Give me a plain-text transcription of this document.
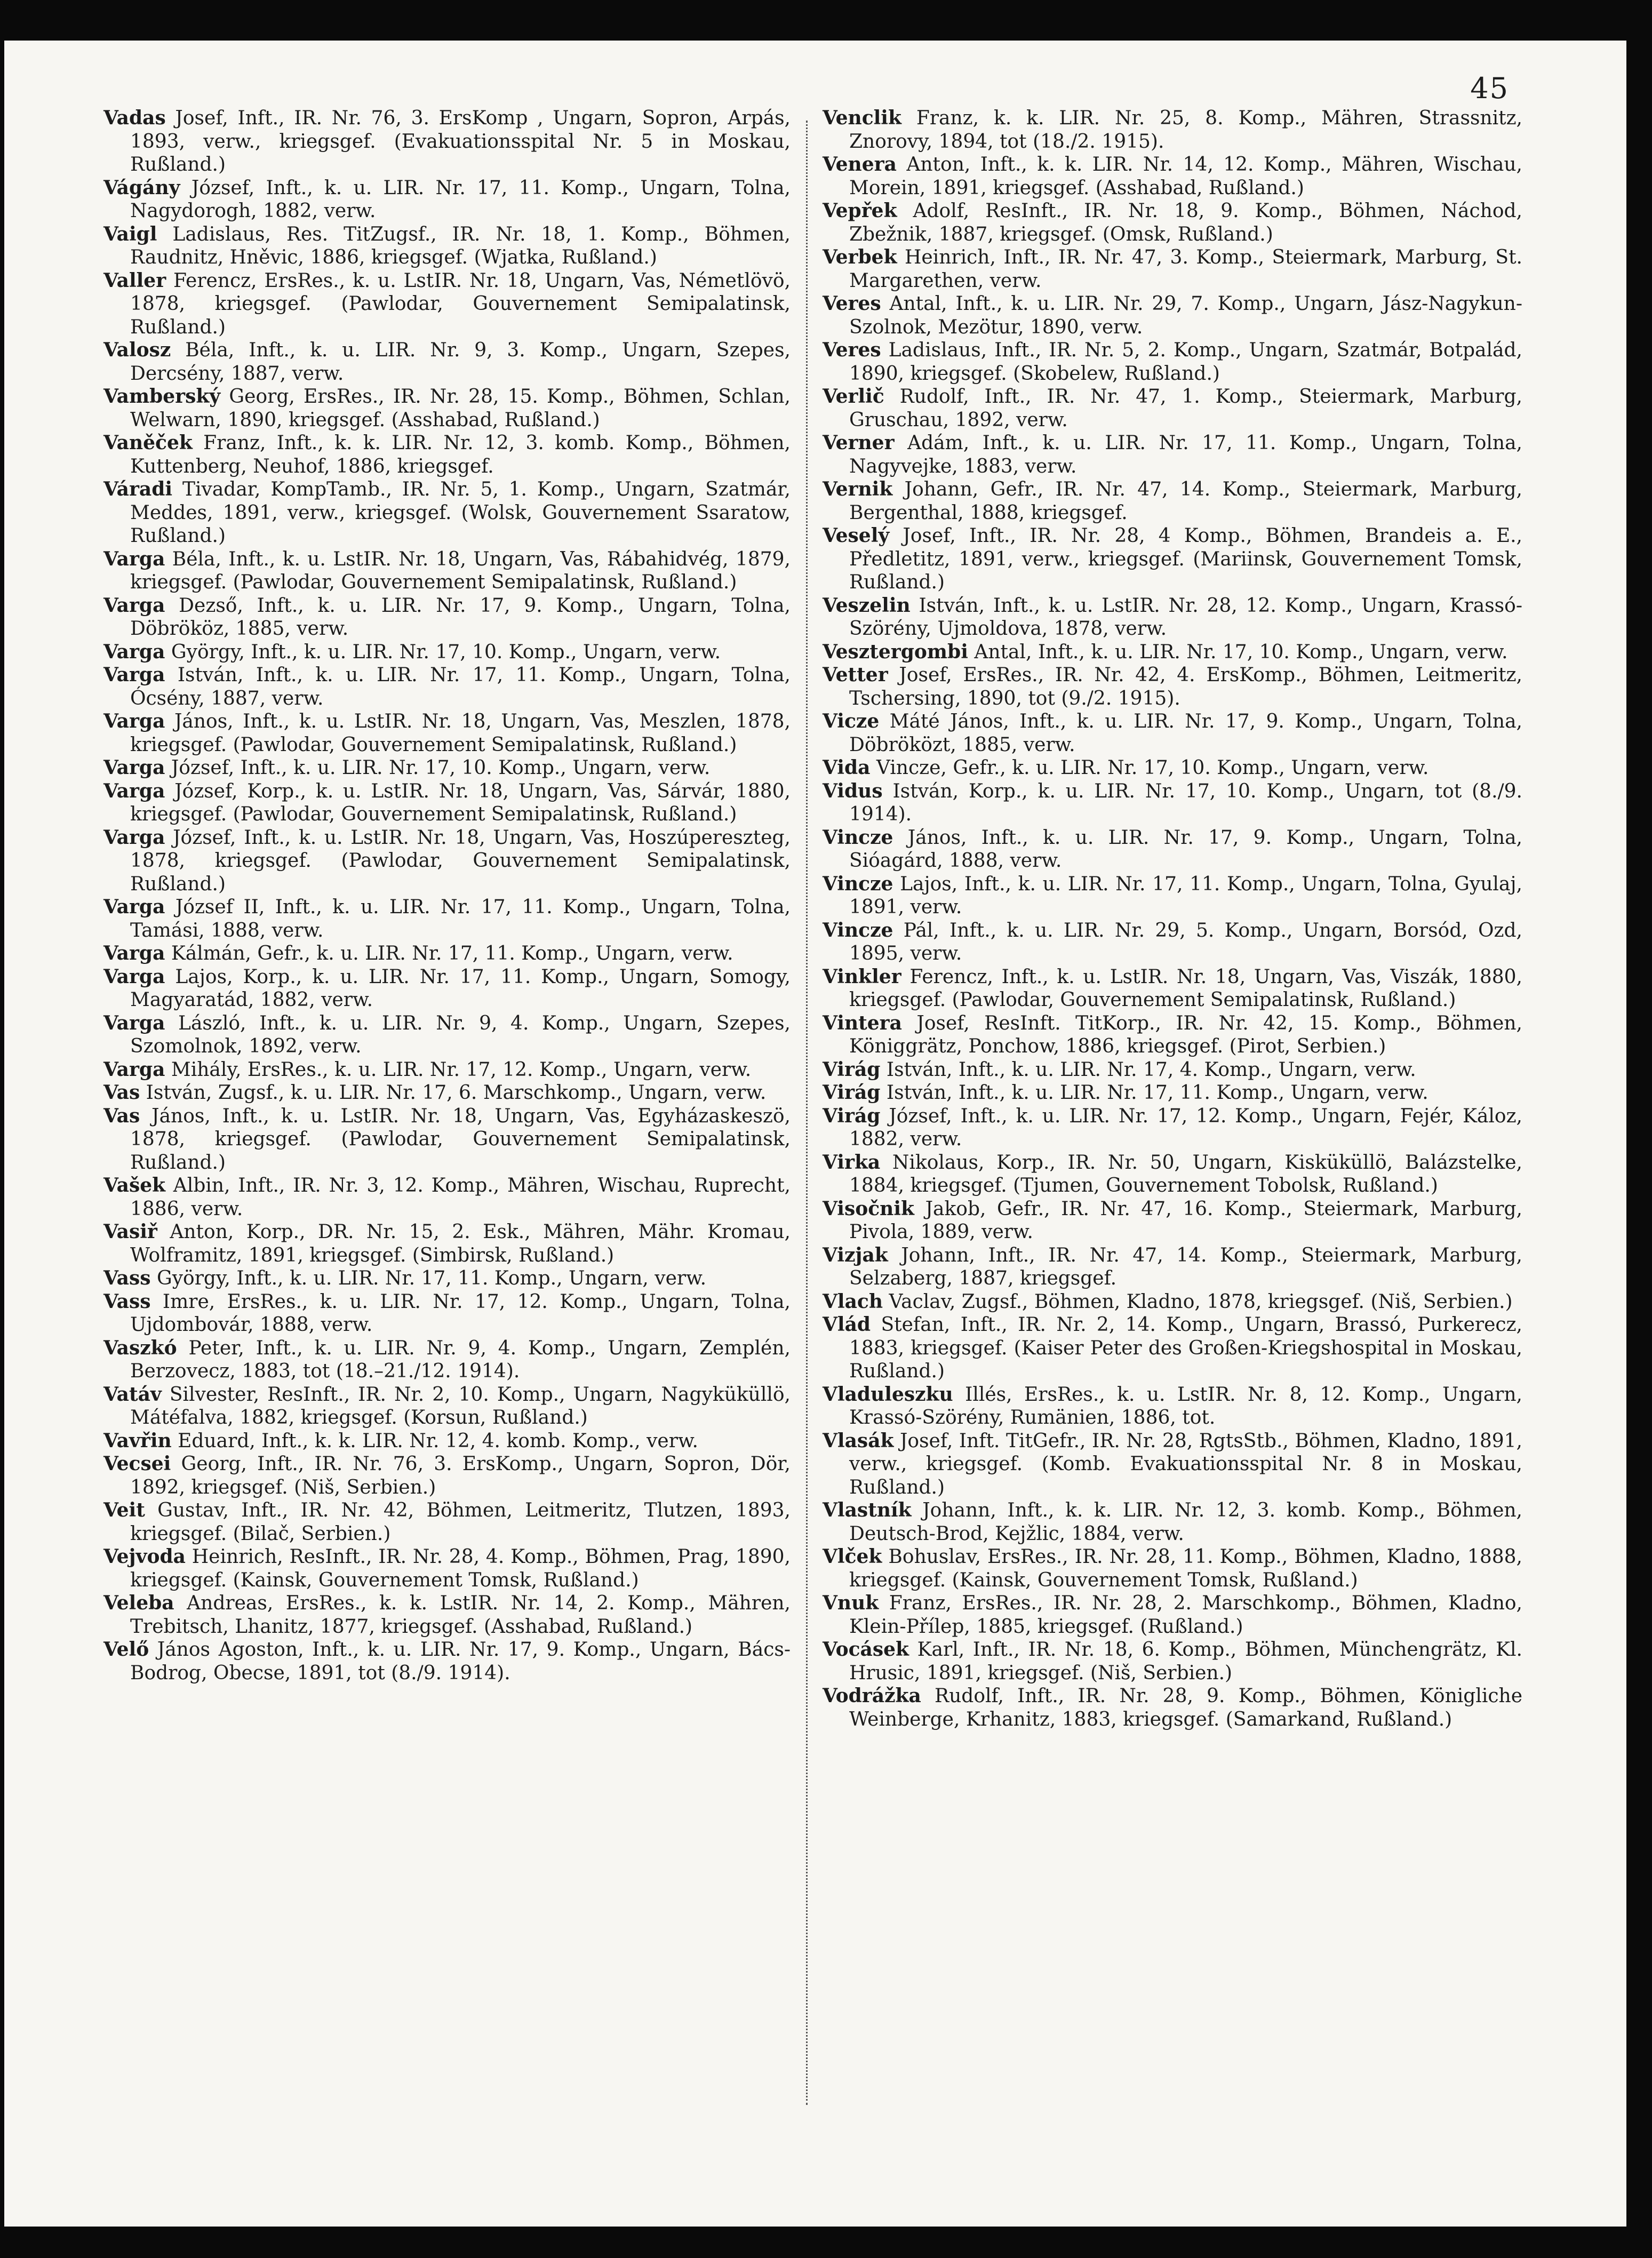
45

Vadas Josef, Inft., IR. Nr. 76, 3. ErsKomp , Ungarn, Sopron, Arpás, 1893, verw., kriegsgef. (Evakuationsspital Nr. 5 in Moskau, Rußland.)

Vágány József, Inft., k. u. LIR. Nr. 17, 11. Komp., Ungarn, Tolna, Nagydorogh, 1882, verw.

Vaigl Ladislaus, Res. TitZugsf., IR. Nr. 18, 1. Komp., Böhmen, Raudnitz, Hněvic, 1886, kriegsgef. (Wjatka, Rußland.)

Valler Ferencz, ErsRes., k. u. LstIR. Nr. 18, Ungarn, Vas, Németlövö, 1878, kriegsgef. (Pawlodar, Gouvernement Semipalatinsk, Rußland.)

Valosz Béla, Inft., k. u. LIR. Nr. 9, 3. Komp., Ungarn, Szepes, Dercsény, 1887, verw.

Vamberský Georg, ErsRes., IR. Nr. 28, 15. Komp., Böhmen, Schlan, Welwarn, 1890, kriegsgef. (Asshabad, Rußland.)

Vaněček Franz, Inft., k. k. LIR. Nr. 12, 3. komb. Komp., Böhmen, Kuttenberg, Neuhof, 1886, kriegsgef.

Váradi Tivadar, KompTamb., IR. Nr. 5, 1. Komp., Ungarn, Szatmár, Meddes, 1891, verw., kriegsgef. (Wolsk, Gouvernement Ssaratow, Rußland.)

Varga Béla, Inft., k. u. LstIR. Nr. 18, Ungarn, Vas, Rábahidvég, 1879, kriegsgef. (Pawlodar, Gouvernement Semipalatinsk, Rußland.)

Varga Dezső, Inft., k. u. LIR. Nr. 17, 9. Komp., Ungarn, Tolna, Döbrököz, 1885, verw.

Varga György, Inft., k. u. LIR. Nr. 17, 10. Komp., Ungarn, verw.

Varga István, Inft., k. u. LIR. Nr. 17, 11. Komp., Ungarn, Tolna, Ócsény, 1887, verw.

Varga János, Inft., k. u. LstIR. Nr. 18, Ungarn, Vas, Meszlen, 1878, kriegsgef. (Pawlodar, Gouvernement Semipalatinsk, Rußland.)

Varga József, Inft., k. u. LIR. Nr. 17, 10. Komp., Ungarn, verw.

Varga József, Korp., k. u. LstIR. Nr. 18, Ungarn, Vas, Sárvár, 1880, kriegsgef. (Pawlodar, Gouvernement Semipalatinsk, Rußland.)

Varga József, Inft., k. u. LstIR. Nr. 18, Ungarn, Vas, Hoszúpereszteg, 1878, kriegsgef. (Pawlodar, Gouvernement Semipalatinsk, Rußland.)

Varga József II, Inft., k. u. LIR. Nr. 17, 11. Komp., Ungarn, Tolna, Tamási, 1888, verw.

Varga Kálmán, Gefr., k. u. LIR. Nr. 17, 11. Komp., Ungarn, verw.

Varga Lajos, Korp., k. u. LIR. Nr. 17, 11. Komp., Ungarn, Somogy, Magyaratád, 1882, verw.

Varga László, Inft., k. u. LIR. Nr. 9, 4. Komp., Ungarn, Szepes, Szomolnok, 1892, verw.

Varga Mihály, ErsRes., k. u. LIR. Nr. 17, 12. Komp., Ungarn, verw.

Vas István, Zugsf., k. u. LIR. Nr. 17, 6. Marschkomp., Ungarn, verw.

Vas János, Inft., k. u. LstIR. Nr. 18, Ungarn, Vas, Egyházaskeszö, 1878, kriegsgef. (Pawlodar, Gouvernement Semipalatinsk, Rußland.)

Vašek Albin, Inft., IR. Nr. 3, 12. Komp., Mähren, Wischau, Ruprecht, 1886, verw.

Vasiř Anton, Korp., DR. Nr. 15, 2. Esk., Mähren, Mähr. Kromau, Wolframitz, 1891, kriegsgef. (Simbirsk, Rußland.)

Vass György, Inft., k. u. LIR. Nr. 17, 11. Komp., Ungarn, verw.

Vass Imre, ErsRes., k. u. LIR. Nr. 17, 12. Komp., Ungarn, Tolna, Ujdombovár, 1888, verw.

Vaszkó Peter, Inft., k. u. LIR. Nr. 9, 4. Komp., Ungarn, Zemplén, Berzovecz, 1883, tot (18.–21./12. 1914).

Vatáv Silvester, ResInft., IR. Nr. 2, 10. Komp., Ungarn, Nagyküküllö, Mátéfalva, 1882, kriegsgef. (Korsun, Rußland.)

Vavřin Eduard, Inft., k. k. LIR. Nr. 12, 4. komb. Komp., verw.

Vecsei Georg, Inft., IR. Nr. 76, 3. ErsKomp., Ungarn, Sopron, Dör, 1892, kriegsgef. (Niš, Serbien.)

Veit Gustav, Inft., IR. Nr. 42, Böhmen, Leitmeritz, Tlutzen, 1893, kriegsgef. (Bilač, Serbien.)

Vejvoda Heinrich, ResInft., IR. Nr. 28, 4. Komp., Böhmen, Prag, 1890, kriegsgef. (Kainsk, Gouvernement Tomsk, Rußland.)

Veleba Andreas, ErsRes., k. k. LstIR. Nr. 14, 2. Komp., Mähren, Trebitsch, Lhanitz, 1877, kriegsgef. (Asshabad, Rußland.)

Velő János Agoston, Inft., k. u. LIR. Nr. 17, 9. Komp., Ungarn, Bács-Bodrog, Obecse, 1891, tot (8./9. 1914).

Venclik Franz, k. k. LIR. Nr. 25, 8. Komp., Mähren, Strassnitz, Znorovy, 1894, tot (18./2. 1915).

Venera Anton, Inft., k. k. LIR. Nr. 14, 12. Komp., Mähren, Wischau, Morein, 1891, kriegsgef. (Asshabad, Rußland.)

Vepřek Adolf, ResInft., IR. Nr. 18, 9. Komp., Böhmen, Náchod, Zbežnik, 1887, kriegsgef. (Omsk, Rußland.)

Verbek Heinrich, Inft., IR. Nr. 47, 3. Komp., Steiermark, Marburg, St. Margarethen, verw.

Veres Antal, Inft., k. u. LIR. Nr. 29, 7. Komp., Ungarn, Jász-Nagykun-Szolnok, Mezötur, 1890, verw.

Veres Ladislaus, Inft., IR. Nr. 5, 2. Komp., Ungarn, Szatmár, Botpalád, 1890, kriegsgef. (Skobelew, Rußland.)

Verlič Rudolf, Inft., IR. Nr. 47, 1. Komp., Steiermark, Marburg, Gruschau, 1892, verw.

Verner Adám, Inft., k. u. LIR. Nr. 17, 11. Komp., Ungarn, Tolna, Nagyvejke, 1883, verw.

Vernik Johann, Gefr., IR. Nr. 47, 14. Komp., Steiermark, Marburg, Bergenthal, 1888, kriegsgef.

Veselý Josef, Inft., IR. Nr. 28, 4 Komp., Böhmen, Brandeis a. E., Předletitz, 1891, verw., kriegsgef. (Mariinsk, Gouvernement Tomsk, Rußland.)

Veszelin István, Inft., k. u. LstIR. Nr. 28, 12. Komp., Ungarn, Krassó-Szörény, Ujmoldova, 1878, verw.

Vesztergombi Antal, Inft., k. u. LIR. Nr. 17, 10. Komp., Ungarn, verw.

Vetter Josef, ErsRes., IR. Nr. 42, 4. ErsKomp., Böhmen, Leitmeritz, Tschersing, 1890, tot (9./2. 1915).

Vicze Máté János, Inft., k. u. LIR. Nr. 17, 9. Komp., Ungarn, Tolna, Döbröközt, 1885, verw.

Vida Vincze, Gefr., k. u. LIR. Nr. 17, 10. Komp., Ungarn, verw.

Vidus István, Korp., k. u. LIR. Nr. 17, 10. Komp., Ungarn, tot (8./9. 1914).

Vincze János, Inft., k. u. LIR. Nr. 17, 9. Komp., Ungarn, Tolna, Sióagárd, 1888, verw.

Vincze Lajos, Inft., k. u. LIR. Nr. 17, 11. Komp., Ungarn, Tolna, Gyulaj, 1891, verw.

Vincze Pál, Inft., k. u. LIR. Nr. 29, 5. Komp., Ungarn, Borsód, Ozd, 1895, verw.

Vinkler Ferencz, Inft., k. u. LstIR. Nr. 18, Ungarn, Vas, Viszák, 1880, kriegsgef. (Pawlodar, Gouvernement Semipalatinsk, Rußland.)

Vintera Josef, ResInft. TitKorp., IR. Nr. 42, 15. Komp., Böhmen, Königgrätz, Ponchow, 1886, kriegsgef. (Pirot, Serbien.)

Virág István, Inft., k. u. LIR. Nr. 17, 4. Komp., Ungarn, verw.

Virág István, Inft., k. u. LIR. Nr. 17, 11. Komp., Ungarn, verw.

Virág József, Inft., k. u. LIR. Nr. 17, 12. Komp., Ungarn, Fejér, Káloz, 1882, verw.

Virka Nikolaus, Korp., IR. Nr. 50, Ungarn, Kisküküllö, Balázstelke, 1884, kriegsgef. (Tjumen, Gouvernement Tobolsk, Rußland.)

Visočnik Jakob, Gefr., IR. Nr. 47, 16. Komp., Steiermark, Marburg, Pivola, 1889, verw.

Vizjak Johann, Inft., IR. Nr. 47, 14. Komp., Steiermark, Marburg, Selzaberg, 1887, kriegsgef.

Vlach Vaclav, Zugsf., Böhmen, Kladno, 1878, kriegsgef. (Niš, Serbien.)

Vlád Stefan, Inft., IR. Nr. 2, 14. Komp., Ungarn, Brassó, Purkerecz, 1883, kriegsgef. (Kaiser Peter des Großen-Kriegshospital in Moskau, Rußland.)

Vladuleszku Illés, ErsRes., k. u. LstIR. Nr. 8, 12. Komp., Ungarn, Krassó-Szörény, Rumänien, 1886, tot.

Vlasák Josef, Inft. TitGefr., IR. Nr. 28, RgtsStb., Böhmen, Kladno, 1891, verw., kriegsgef. (Komb. Evakuationsspital Nr. 8 in Moskau, Rußland.)

Vlastník Johann, Inft., k. k. LIR. Nr. 12, 3. komb. Komp., Böhmen, Deutsch-Brod, Kejžlic, 1884, verw.

Vlček Bohuslav, ErsRes., IR. Nr. 28, 11. Komp., Böhmen, Kladno, 1888, kriegsgef. (Kainsk, Gouvernement Tomsk, Rußland.)

Vnuk Franz, ErsRes., IR. Nr. 28, 2. Marschkomp., Böhmen, Kladno, Klein-Přílep, 1885, kriegsgef. (Rußland.)

Vocásek Karl, Inft., IR. Nr. 18, 6. Komp., Böhmen, Münchengrätz, Kl. Hrusic, 1891, kriegsgef. (Niš, Serbien.)

Vodrážka Rudolf, Inft., IR. Nr. 28, 9. Komp., Böhmen, Königliche Weinberge, Krhanitz, 1883, kriegsgef. (Samarkand, Rußland.)
